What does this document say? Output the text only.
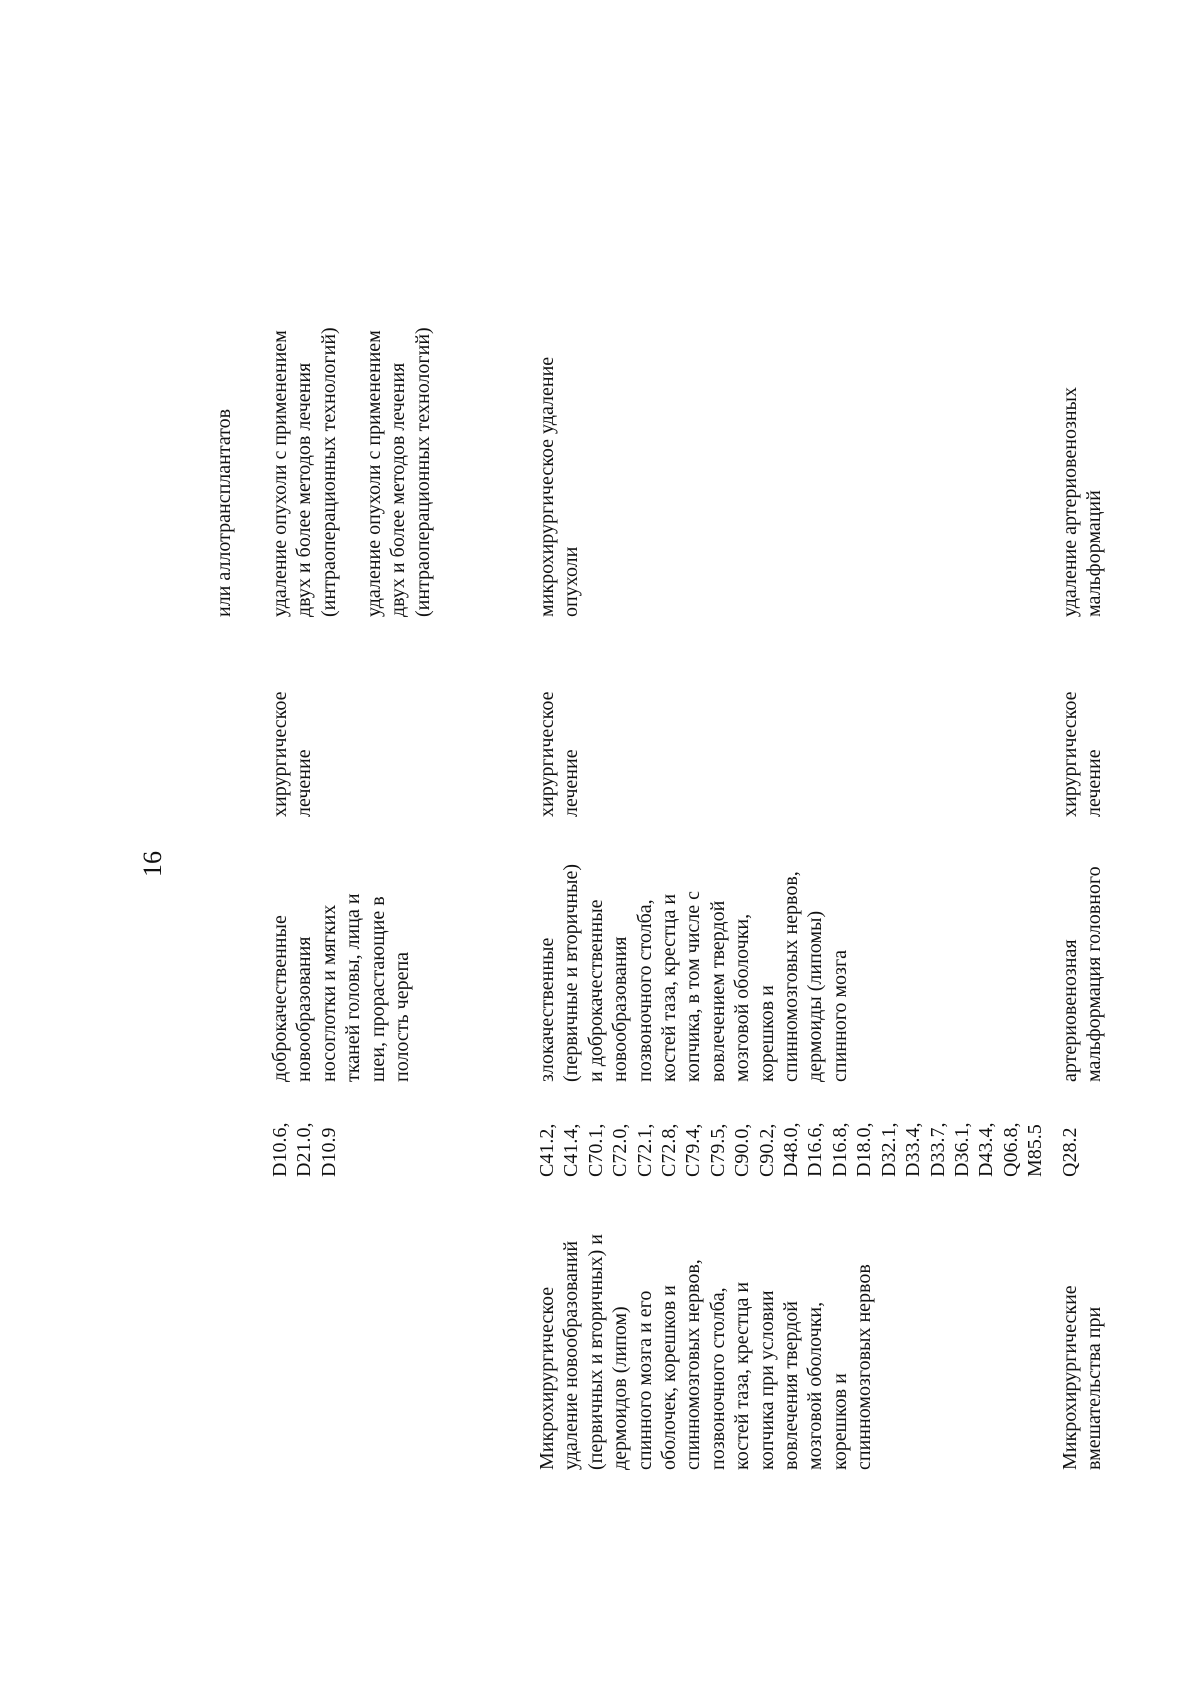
16
или аллотрансплантатов
D10.6,
D21.0,
D10.9
доброкачественные
новообразования
носоглотки и мягких
тканей головы, лица и
шеи, прорастающие в
полость черепа
хирургическое
лечение
удаление опухоли с применением
двух и более методов лечения
(интраоперационных технологий)
удаление опухоли с применением
двух и более методов лечения
(интраоперационных технологий)
Микрохирургическое
удаление новообразований
(первичных и вторичных) и
дермоидов (липом)
спинного мозга и его
оболочек, корешков и
спинномозговых нервов,
позвоночного столба,
костей таза, крестца и
копчика при условии
вовлечения твердой
мозговой оболочки,
корешков и
спинномозговых нервов
C41.2,
C41.4,
C70.1,
C72.0,
C72.1,
C72.8,
C79.4,
C79.5,
C90.0,
C90.2,
D48.0,
D16.6,
D16.8,
D18.0,
D32.1,
D33.4,
D33.7,
D36.1,
D43.4,
Q06.8,
M85.5
злокачественные
(первичные и вторичные)
и доброкачественные
новообразования
позвоночного столба,
костей таза, крестца и
копчика, в том числе с
вовлечением твердой
мозговой оболочки,
корешков и
спинномозговых нервов,
дермоиды (липомы)
спинного мозга
хирургическое
лечение
микрохирургическое удаление
опухоли
Микрохирургические
вмешательства при
Q28.2
артериовенозная
мальформация головного
хирургическое
лечение
удаление артериовенозных
мальформаций
